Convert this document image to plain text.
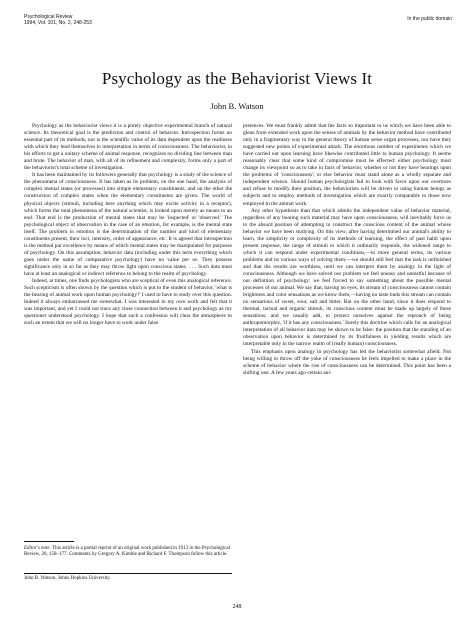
Psychological Review
1994, Vol. 101, No. 2, 248-253
In the public domain
Psychology as the Behaviorist Views It
John B. Watson

Psychology as the behaviorist views it is a purely objective experimental branch of natural science. Its theoretical goal is the prediction and control of behavior. Introspection forms no essential part of its methods, nor is the scientific value of its data dependent upon the readiness with which they lend themselves to interpretation in terms of consciousness. The behaviorist, in his efforts to get a unitary scheme of animal response, recognizes no dividing line between man and brute. The behavior of man, with all of its refinement and complexity, forms only a part of the behaviorist's total scheme of investigation.

It has been maintained by its followers generally that psychology is a study of the science of the phenomena of consciousness. It has taken as its problem, on the one hand, the analysis of complex mental states (or processes) into simple elementary constituents, and on the other the construction of complex states when the elementary constituents are given. The world of physical objects (stimuli, including here anything which may excite activity in a receptor), which forms the total phenomena of the natural scientist, is looked upon merely as means to an end. That end is the production of mental states that may be 'inspected' or 'observed.' The psychological object of observation in the case of an emotion, for example, is the mental state itself. The problem in emotion is the determination of the number and kind of elementary constituents present, their loci, intensity, order of appearance, etc. It is agreed that introspection is the method par excellence by means of which mental states may be manipulated for purposes of psychology. On this assumption, behavior data (including under this term everything which goes under the name of comparative psychology) have no value per se. They possess significance only in so far as they may throw light upon conscious states. . . . Such data must have at least an analogical or indirect reference to belong to the realm of psychology.

Indeed, at times, one finds psychologists who are sceptical of even this analogical reference. Such scepticism is often shown by the question which is put to the student of behavior, 'what is the bearing of animal work upon human psychology?' I used to have to study over this question. Indeed it always embarrassed me somewhat. I was interested in my own work and felt that it was important, and yet I could not trace any close connection between it and psychology as my questioner understood psychology. I hope that such a confession will clear the atmosphere to such an extent that we will no longer have to work under false

pretences. We must frankly admit that the facts so important to us which we have been able to glean from extended work upon the senses of animals by the behavior method have contributed only in a fragmentary way to the general theory of human sense organ processes, nor have they suggested new points of experimental attack. The enormous number of experiments which we have carried out upon learning have likewise contributed little to human psychology. It seems reasonably clear that some kind of compromise must be effected: either psychology must change its viewpoint so as to take in facts of behavior, whether or not they have bearings upon the problems of 'consciousness'; or else behavior must stand alone as a wholly separate and independent science. Should human psychologists fail to look with favor upon our overtures and refuse to modify their position, the behaviorists will be driven to using human beings as subjects and to employ methods of investigation which are exactly comparable to those now employed in the animal work.

Any other hypothesis than that which admits the independent value of behavior material, regardless of any bearing such material may have upon consciousness, will inevitably force us to the absurd position of attempting to construct the conscious content of the animal whose behavior we have been studying. On this view, after having determined our animal's ability to learn, the simplicity or complexity of its methods of learning, the effect of past habit upon present response, the range of stimuli to which it ordinarily responds, the widened range to which it can respond under experimental conditions,—in more general terms, its various problems and its various ways of solving them,—we should still feel that the task is unfinished and that the results are worthless, until we can interpret them by analogy in the light of consciousness. Although we have solved our problem we feel uneasy and unrestful because of our definition of psychology: we feel forced to say something about the possible mental processes of our animal. We say that, having no eyes, its stream of consciousness cannot contain brightness and color sensations as we know them,—having no taste buds this stream can contain no sensations of sweet, sour, salt and bitter. But on the other hand, since it does respond to thermal, tactual and organic stimuli, its conscious content must be made up largely of these sensations; and we usually add, to protect ourselves against the reproach of being anthropomorphic, 'if it has any consciousness.' Surely this doctrine which calls for an analogical interpretation of all behavior data may be shown to be false: the position that the standing of an observation upon behavior is determined by its fruitfulness in yielding results which are interpretable only in the narrow realm of (really human) consciousness.

This emphasis upon analogy in psychology has led the behaviorist somewhat afield. Not being willing to throw off the yoke of consciousness he feels impelled to make a place in the scheme of behavior where the rise of consciousness can be determined. This point has been a shifting one. A few years ago certain ani-

Editor's note. This article is a partial reprint of an original work published in 1913 in the Psychological Review, 20, 158–177. Comments by Gregory A. Kimble and Richard F. Thompson follow this article.
John B. Watson, Johns Hopkins University.
248
